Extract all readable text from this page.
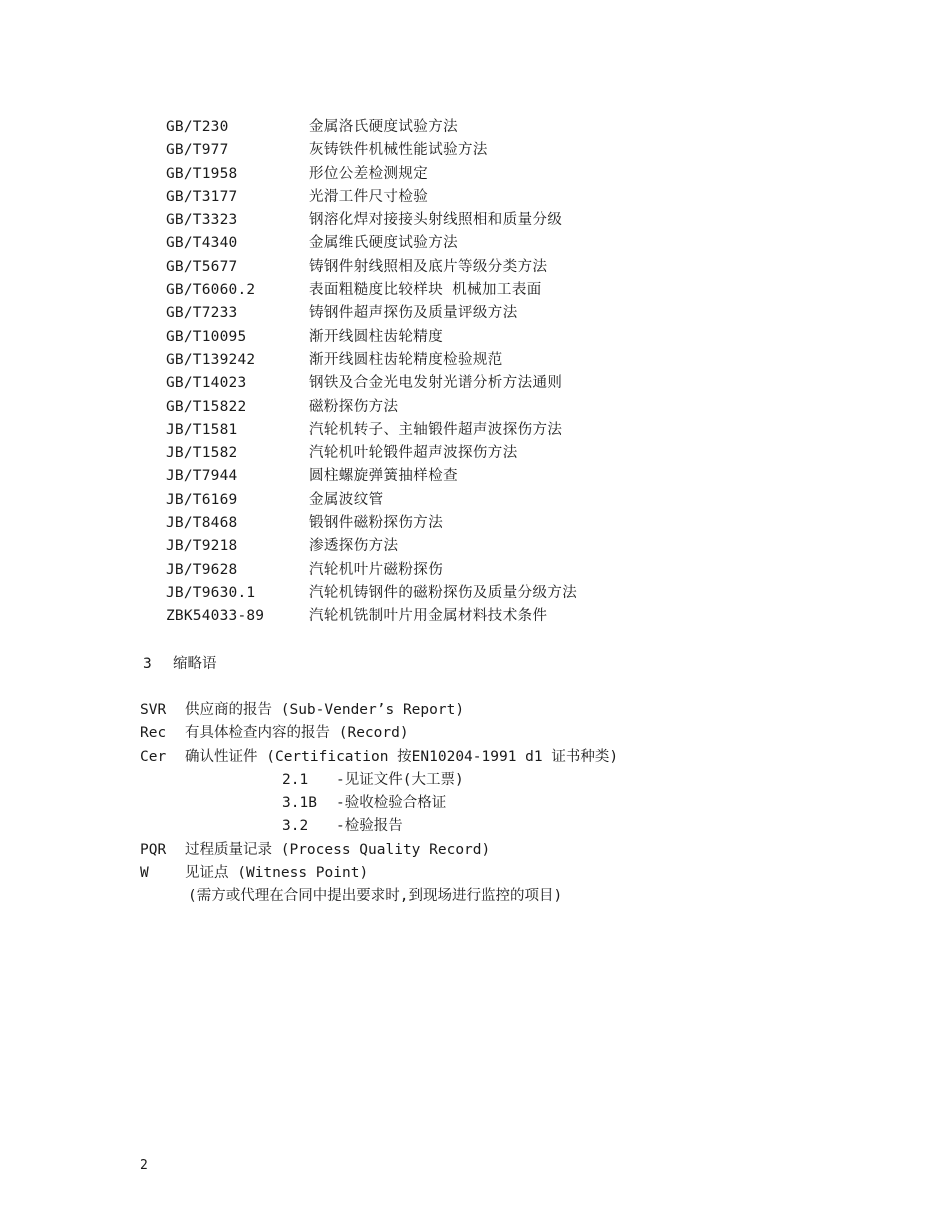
GB/T230	金属洛氏硬度试验方法
GB/T977	灰铸铁件机械性能试验方法
GB/T1958	形位公差检测规定
GB/T3177	光滑工件尺寸检验
GB/T3323	钢溶化焊对接接头射线照相和质量分级
GB/T4340	金属维氏硬度试验方法
GB/T5677	铸钢件射线照相及底片等级分类方法
GB/T6060.2	表面粗糙度比较样块 机械加工表面
GB/T7233	铸钢件超声探伤及质量评级方法
GB/T10095	渐开线圆柱齿轮精度
GB/T139242	渐开线圆柱齿轮精度检验规范
GB/T14023	钢铁及合金光电发射光谱分析方法通则
GB/T15822	磁粉探伤方法
JB/T1581	汽轮机转子、主轴锻件超声波探伤方法
JB/T1582	汽轮机叶轮锻件超声波探伤方法
JB/T7944	圆柱螺旋弹簧抽样检查
JB/T6169	金属波纹管
JB/T8468	锻钢件磁粉探伤方法
JB/T9218	渗透探伤方法
JB/T9628	汽轮机叶片磁粉探伤
JB/T9630.1	汽轮机铸钢件的磁粉探伤及质量分级方法
ZBK54033-89	汽轮机铣制叶片用金属材料技术条件
3 缩略语
SVR 供应商的报告 (Sub-Vender’s Report)
Rec 有具体检查内容的报告 (Record)
Cer 确认性证件 (Certification 按EN10204-1991 d1 证书种类)
2.1 -见证文件(大工票)
3.1B -验收检验合格证
3.2 -检验报告
PQR 过程质量记录 (Process Quality Record)
W	见证点 (Witness Point)
(需方或代理在合同中提出要求时,到现场进行监控的项目)
2
